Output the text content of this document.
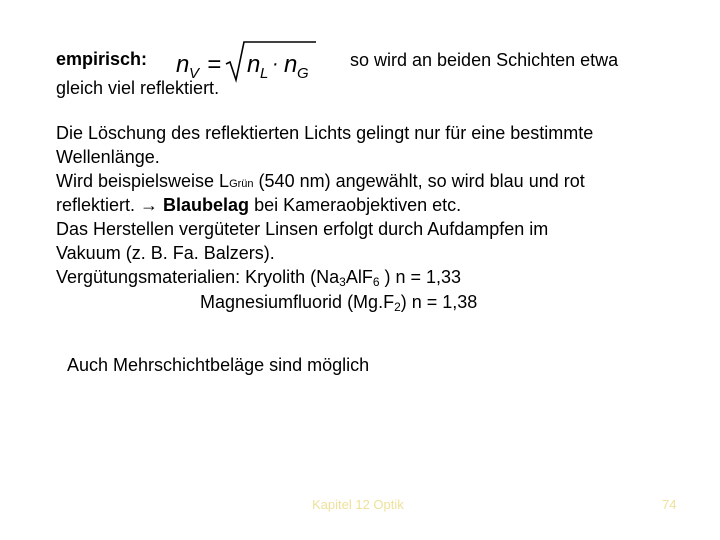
empirisch: n V = n L · n G
so wird an beiden Schichten etwa
gleich viel reflektiert.
Die Löschung des reflektierten Lichts gelingt nur für eine bestimmte
Wellenlänge.
Wird beispielsweise LGrün (540 nm) angewählt, so wird blau und rot
reflektiert. → Blaubelag bei Kameraobjektiven etc.
Das Herstellen vergüteter Linsen erfolgt durch Aufdampfen im
Vakuum (z. B. Fa. Balzers).
Vergütungsmaterialien: Kryolith ($Na_3AlF_6$ ) n = 1,33
Magnesiumfluorid $(Mg.F_2) n = 1,38$
Auch Mehrschichtbeläge sind möglich
Kapitel 12 Optik	74
